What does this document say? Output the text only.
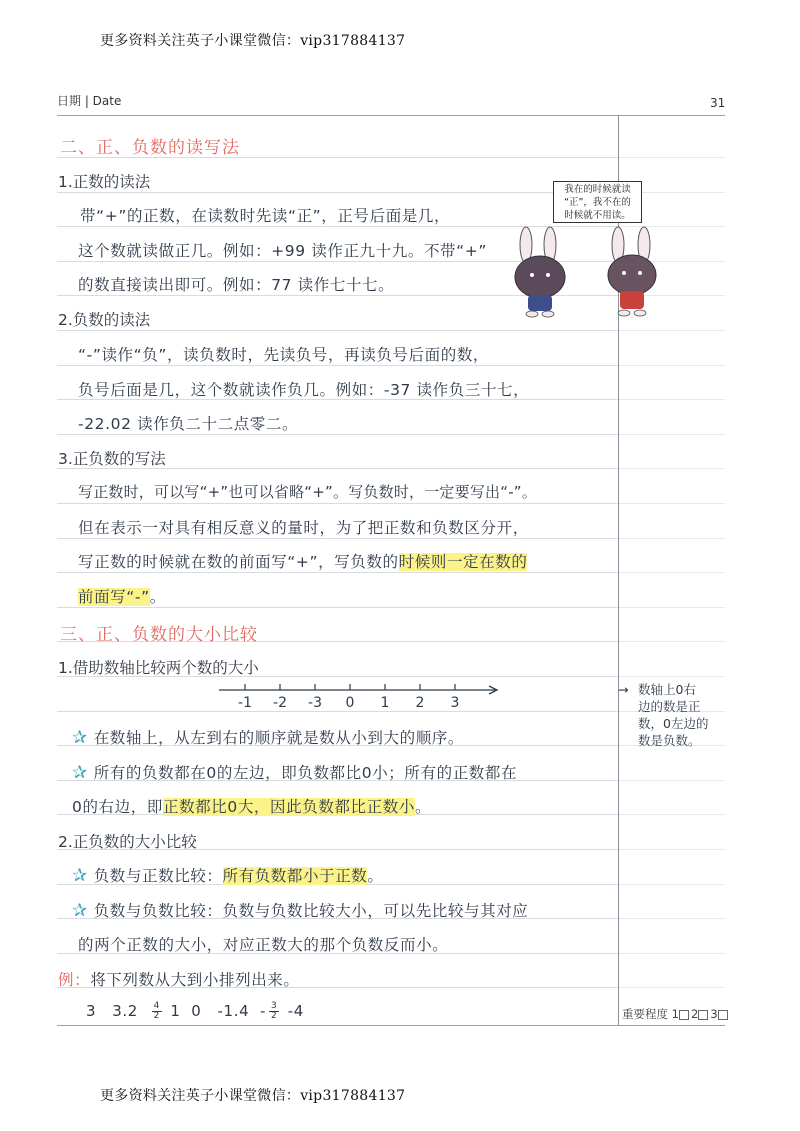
更多资料关注英子小课堂微信：vip317884137
日期 | Date	31
二、正、负数的读写法
1.正数的读法
带“+”的正数，在读数时先读“正”，正号后面是几，
这个数就读做正几。例如：+99 读作正九十九。不带“+”
的数直接读出即可。例如：77 读作七十七。
2.负数的读法
“-”读作“负”，读负数时，先读负号，再读负号后面的数，
负号后面是几，这个数就读作负几。例如：-37 读作负三十七，
-22.02 读作负二十二点零二。
3.正负数的写法
写正数时，可以写“+”也可以省略“+”。写负数时，一定要写出“-”。
但在表示一对具有相反意义的量时，为了把正数和负数区分开，
写正数的时候就在数的前面写“+”，写负数的时候则一定在数的
前面写“-”。
我在的时候就读
“正”，我不在的
时候就不用读。
三、正、负数的大小比较
1.借助数轴比较两个数的大小
-1 -2 -3 0 1 2 3
→ 数轴上0右
边的数是正
数，0左边的
数是负数。
✰ 在数轴上，从左到右的顺序就是数从小到大的顺序。
✰ 所有的负数都在0的左边，即负数都比0小；所有的正数都在
0的右边，即正数都比0大，因此负数都比正数小。
2.正负数的大小比较
✰ 负数与正数比较：所有负数都小于正数。
✰ 负数与负数比较：负数与负数比较大小，可以先比较与其对应
的两个正数的大小，对应正数大的那个负数反而小。
例：将下列数从大到小排列出来。
3 $3.2 \frac{4}{2} 1$ 0 $-1.4 - \frac{3}{2} -4$	重要程度 1 2 3
更多资料关注英子小课堂微信：vip317884137
